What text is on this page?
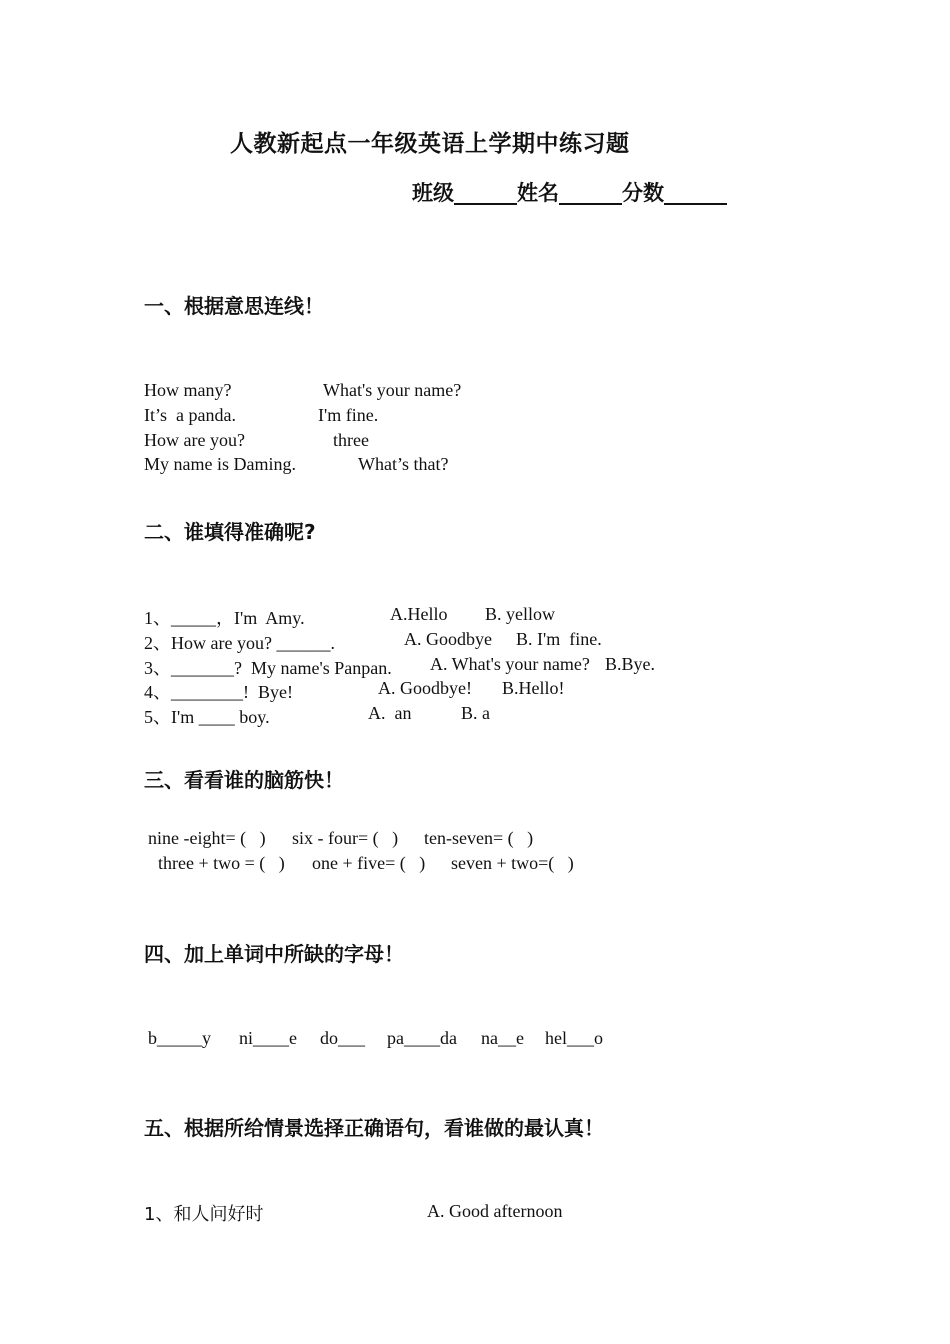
人教新起点一年级英语上学期中练习题
班级______姓名______分数______
一、根据意思连线！
How many?	What's your name?
It’s  a panda.	I'm fine.
How are you?	three
My name is Daming.	What’s that?
二、谁填得准确呢?
1、_____，I'm  Amy.	A.Hello B. yellow
2、How are you? ______.	A. Goodbye B. I'm  fine.
3、_______?  My name's Panpan. A. What's your name? B.Bye.
4、________!  Bye!	A. Goodbye! B.Hello!
5、I'm ____ boy.	A.  an	B. a
三、看看谁的脑筋快！
nine -eight= (   ) six - four= (   ) ten-seven= (   )
three + two = (   ) one + five= (   ) seven + two=(   )
四、加上单词中所缺的字母！
b_____y ni____e do___ pa____da na__e hel___o
五、根据所给情景选择正确语句，看谁做的最认真！
1、和人问好时	A. Good afternoon
